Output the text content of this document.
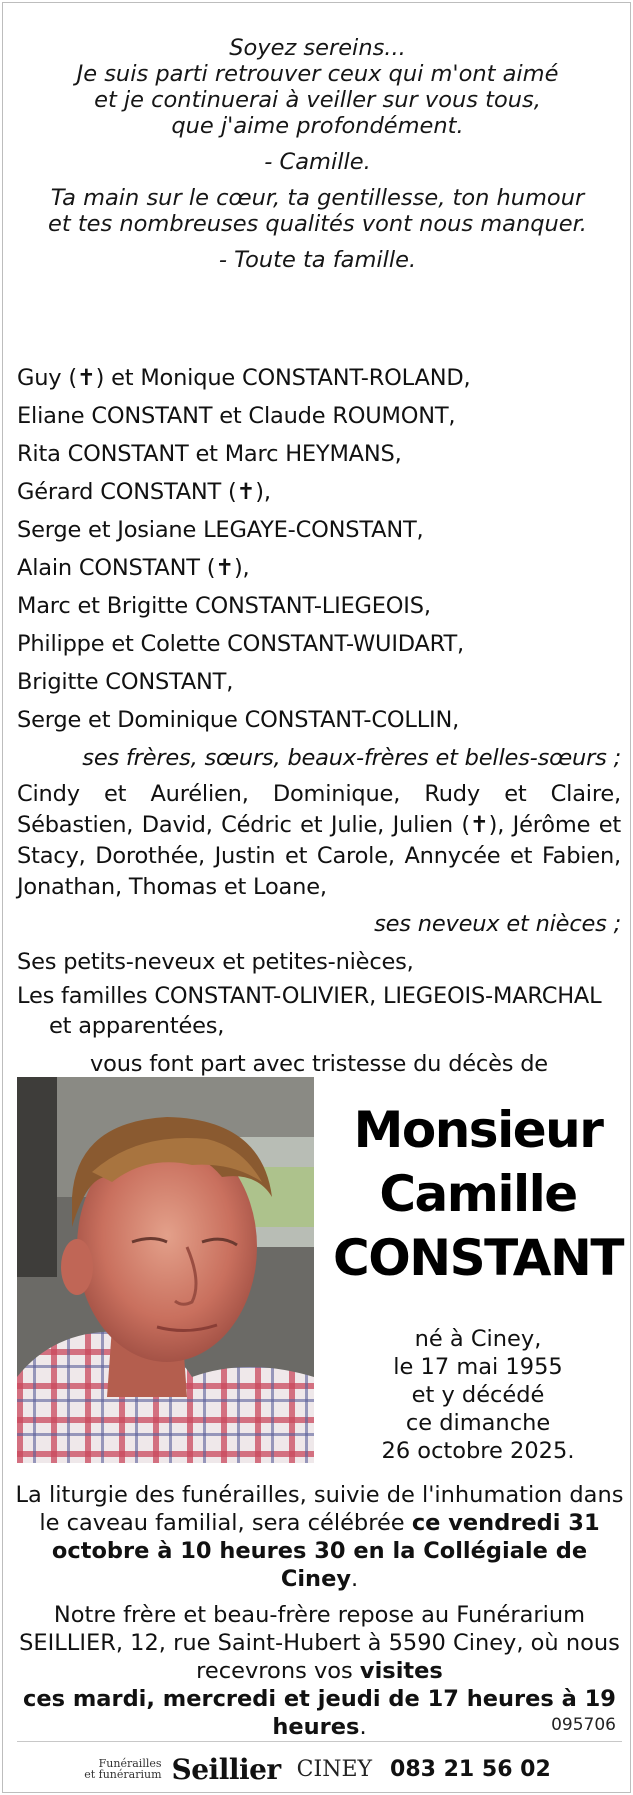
Soyez sereins...

Je suis parti retrouver ceux qui m'ont aimé

et je continuerai à veiller sur vous tous,

que j'aime profondément.

- Camille.

Ta main sur le cœur, ta gentillesse, ton humour

et tes nombreuses qualités vont nous manquer.

- Toute ta famille.

Guy (✝) et Monique CONSTANT-ROLAND,
Eliane CONSTANT et Claude ROUMONT,
Rita CONSTANT et Marc HEYMANS,
Gérard CONSTANT (✝),
Serge et Josiane LEGAYE-CONSTANT,
Alain CONSTANT (✝),
Marc et Brigitte CONSTANT-LIEGEOIS,
Philippe et Colette CONSTANT-WUIDART,
Brigitte CONSTANT,
Serge et Dominique CONSTANT-COLLIN,
ses frères, sœurs, beaux-frères et belles-sœurs ;
Cindy et Aurélien, Dominique, Rudy et Claire, Sébastien, David, Cédric et Julie, Julien (✝), Jérôme et Stacy, Dorothée, Justin et Carole, Annycée et Fabien, Jonathan, Thomas et Loane,
ses neveux et nièces ;
Ses petits-neveux et petites-nièces,
Les familles CONSTANT-OLIVIER, LIEGEOIS-MARCHAL
et apparentées,
vous font part avec tristesse du décès de
Monsieur
Camille
CONSTANT
né à Ciney,
le 17 mai 1955
et y décédé
ce dimanche
26 octobre 2025.

La liturgie des funérailles, suivie de l'inhumation dans le caveau familial, sera célébrée ce vendredi 31 octobre à 10 heures 30 en la Collégiale de Ciney.

Notre frère et beau-frère repose au Funérarium SEILLIER, 12, rue Saint-Hubert à 5590 Ciney, où nous recevrons vos visites
ces mardi, mercredi et jeudi de 17 heures à 19 heures.	095706
Funérailles
et funérarium Seillier CINEY 083 21 56 02
